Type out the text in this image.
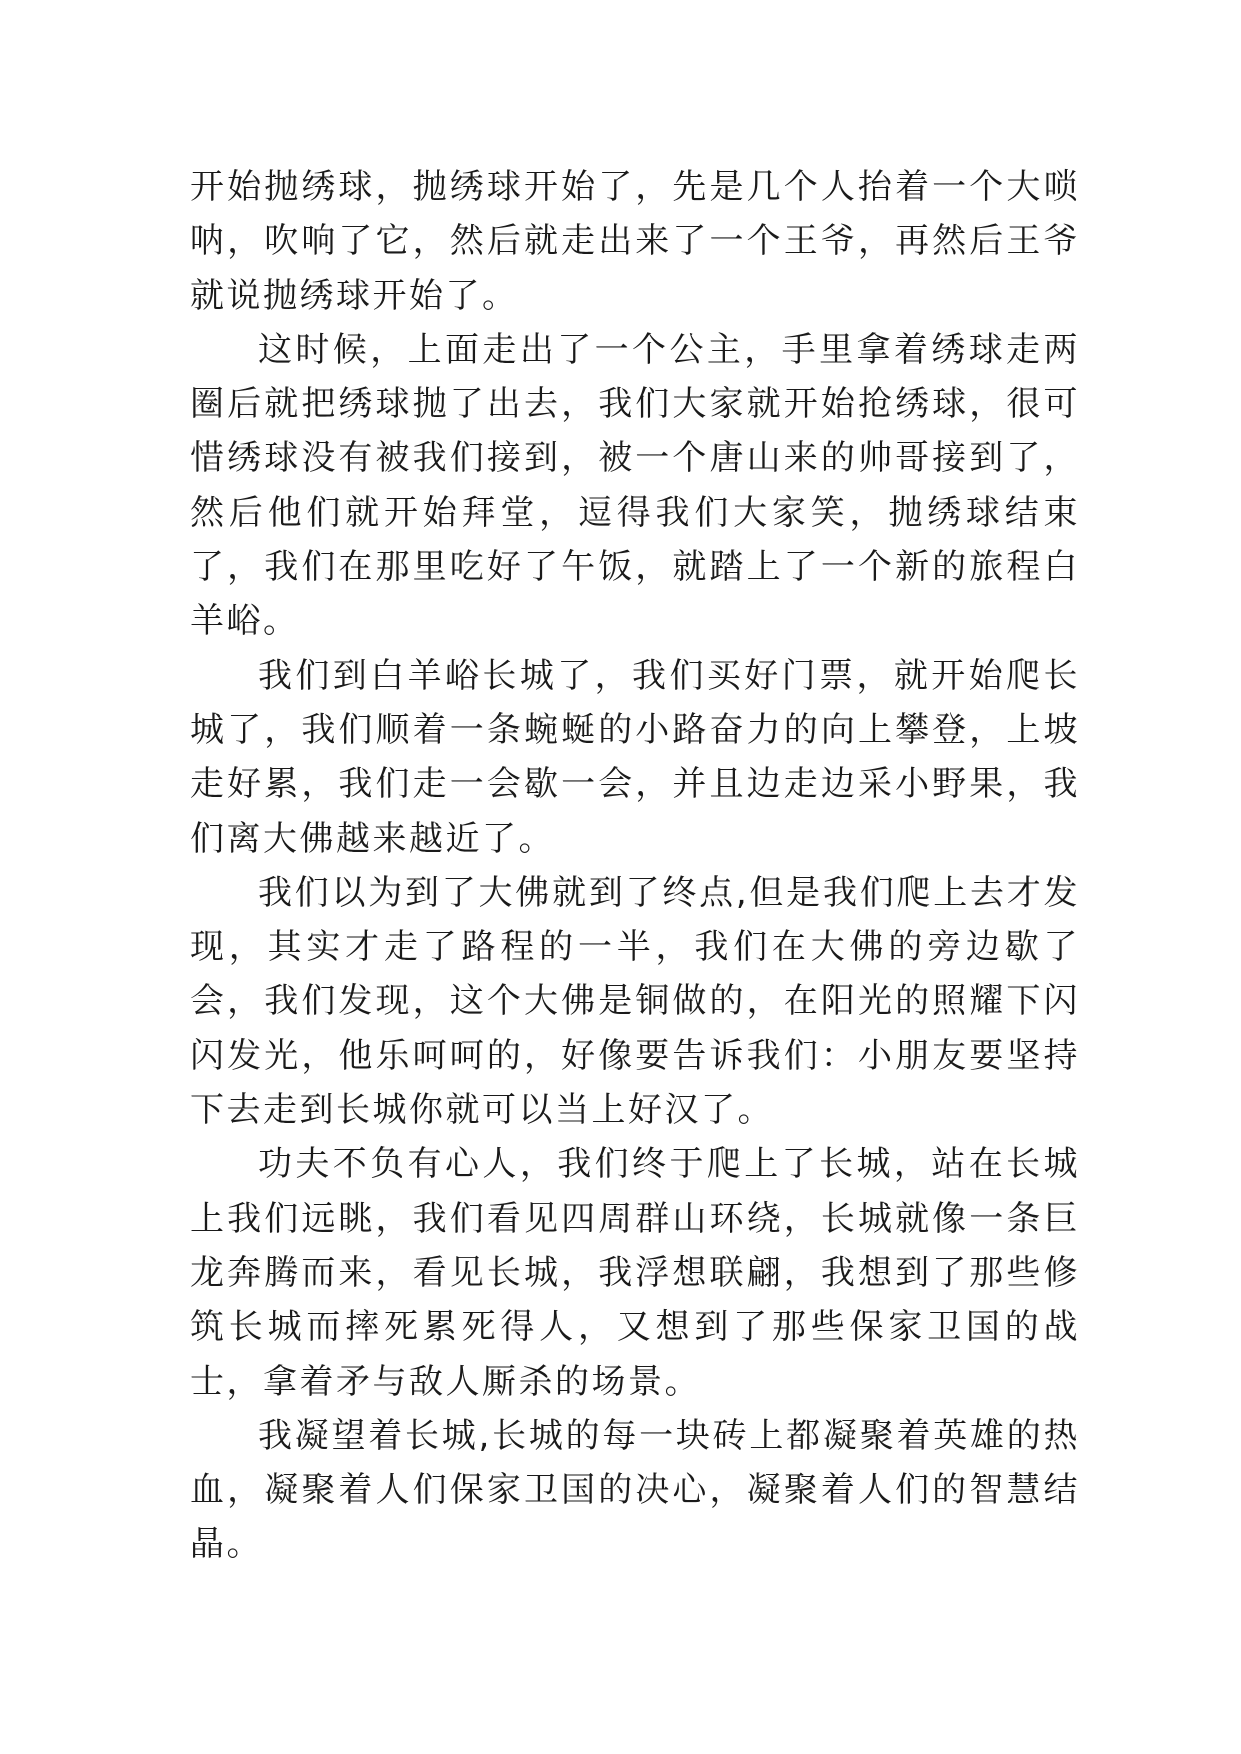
开始抛绣球，抛绣球开始了，先是几个人抬着一个大唢呐，吹响了它，然后就走出来了一个王爷，再然后王爷就说抛绣球开始了。

这时候，上面走出了一个公主，手里拿着绣球走两圈后就把绣球抛了出去，我们大家就开始抢绣球，很可惜绣球没有被我们接到，被一个唐山来的帅哥接到了，然后他们就开始拜堂，逗得我们大家笑，抛绣球结束了，我们在那里吃好了午饭，就踏上了一个新的旅程白羊峪。

我们到白羊峪长城了，我们买好门票，就开始爬长城了，我们顺着一条蜿蜒的小路奋力的向上攀登，上坡走好累，我们走一会歇一会，并且边走边采小野果，我们离大佛越来越近了。

我们以为到了大佛就到了终点,但是我们爬上去才发现，其实才走了路程的一半，我们在大佛的旁边歇了会，我们发现，这个大佛是铜做的，在阳光的照耀下闪闪发光，他乐呵呵的，好像要告诉我们：小朋友要坚持下去走到长城你就可以当上好汉了。

功夫不负有心人，我们终于爬上了长城，站在长城上我们远眺，我们看见四周群山环绕，长城就像一条巨龙奔腾而来，看见长城，我浮想联翩，我想到了那些修筑长城而摔死累死得人，又想到了那些保家卫国的战士，拿着矛与敌人厮杀的场景。

我凝望着长城,长城的每一块砖上都凝聚着英雄的热血，凝聚着人们保家卫国的决心，凝聚着人们的智慧结晶。
